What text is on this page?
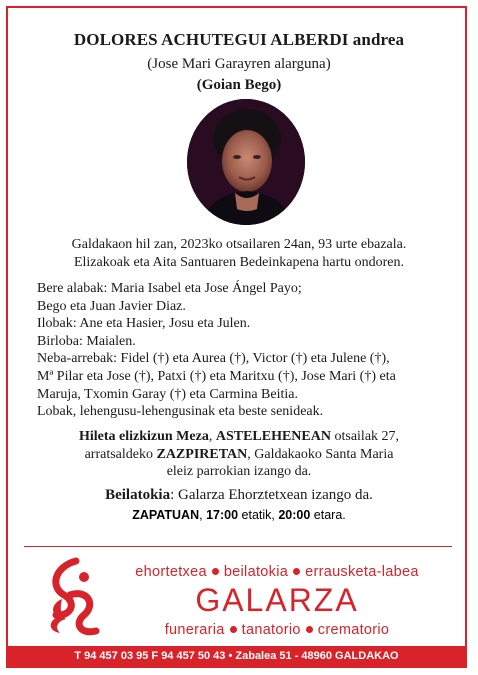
DOLORES ACHUTEGUI ALBERDI andrea
(Jose Mari Garayren alarguna)
(Goian Bego)
Galdakaon hil zan, 2023ko otsailaren 24an, 93 urte ebazala.
Elizakoak eta Aita Santuaren Bedeinkapena hartu ondoren.
Bere alabak: Maria Isabel eta Jose Ángel Payo;
Bego eta Juan Javier Diaz.
Ilobak: Ane eta Hasier, Josu eta Julen.
Birloba: Maialen.
Neba-arrebak: Fidel (†) eta Aurea (†), Victor (†) eta Julene (†),
Mª Pilar eta Jose (†), Patxi (†) eta Maritxu (†), Jose Mari (†) eta
Maruja, Txomin Garay (†) eta Carmina Beitia.
Lobak, lehengusu-lehengusinak eta beste senideak.
Hileta elizkizun Meza, ASTELEHENEAN otsailak 27,
arratsaldeko ZAZPIRETAN, Galdakaoko Santa Maria
eleiz parrokian izango da.
Beilatokia: Galarza Ehorztetxean izango da.
ZAPATUAN, 17:00 etatik, 20:00 etara.
ehortetxea beilatokia errausketa-labea
GALARZA
funeraria tanatorio crematorio
T 94 457 03 95 F 94 457 50 43 • Zabalea 51 - 48960 GALDAKAO
